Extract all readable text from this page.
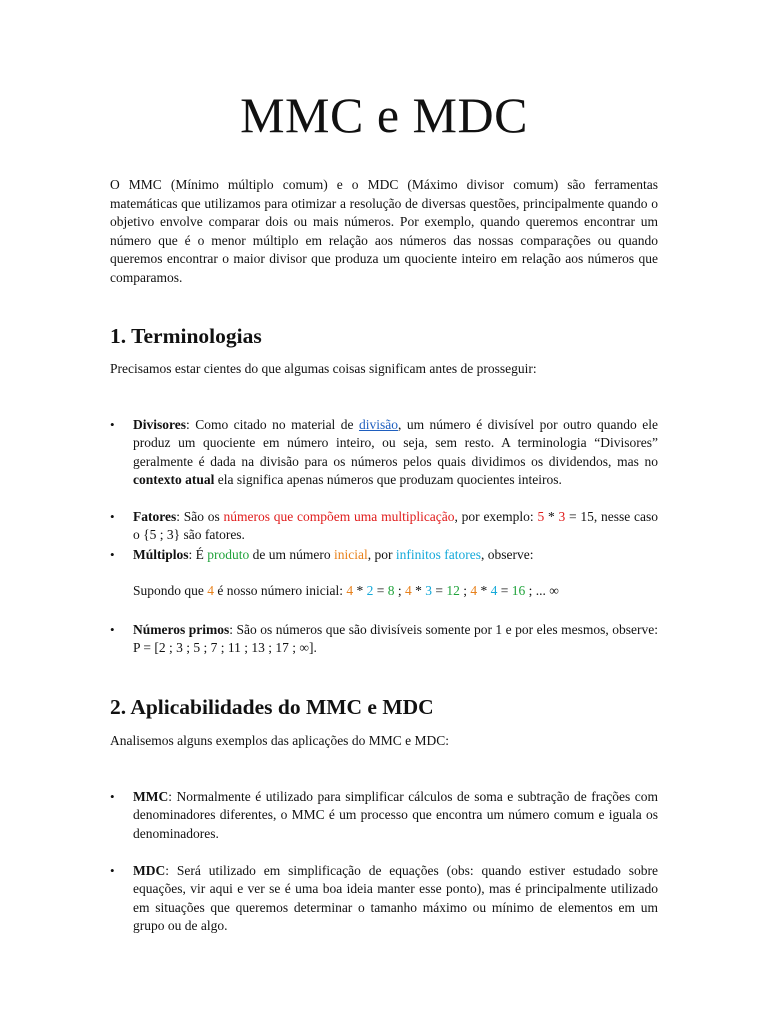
MMC e MDC

O MMC (Mínimo múltiplo comum) e o MDC (Máximo divisor comum) são ferramentas matemáticas que utilizamos para otimizar a resolução de diversas questões, principalmente quando o objetivo envolve comparar dois ou mais números. Por exemplo, quando queremos encontrar um número que é o menor múltiplo em relação aos números das nossas comparações ou quando queremos encontrar o maior divisor que produza um quociente inteiro em relação aos números que comparamos.

1. Terminologias

Precisamos estar cientes do que algumas coisas significam antes de prosseguir:

• Divisores: Como citado no material de divisão, um número é divisível por outro quando ele produz um quociente em número inteiro, ou seja, sem resto. A terminologia “Divisores” geralmente é dada na divisão para os números pelos quais dividimos os dividendos, mas no contexto atual ela significa apenas números que produzam quocientes inteiros.

• Fatores: São os números que compõem uma multiplicação, por exemplo: 5 * 3 = 15, nesse caso o {5 ; 3} são fatores.

• Múltiplos: É produto de um número inicial, por infinitos fatores, observe:

Supondo que 4 é nosso número inicial: 4 * 2 = 8 ; 4 * 3 = 12 ; 4 * 4 = 16 ; ... ∞

• Números primos: São os números que são divisíveis somente por 1 e por eles mesmos, observe: P = [2 ; 3 ; 5 ; 7 ; 11 ; 13 ; 17 ; ∞].

2. Aplicabilidades do MMC e MDC

Analisemos alguns exemplos das aplicações do MMC e MDC:

• MMC: Normalmente é utilizado para simplificar cálculos de soma e subtração de frações com denominadores diferentes, o MMC é um processo que encontra um número comum e iguala os denominadores.

• MDC: Será utilizado em simplificação de equações (obs: quando estiver estudado sobre equações, vir aqui e ver se é uma boa ideia manter esse ponto), mas é principalmente utilizado em situações que queremos determinar o tamanho máximo ou mínimo de elementos em um grupo ou de algo.
